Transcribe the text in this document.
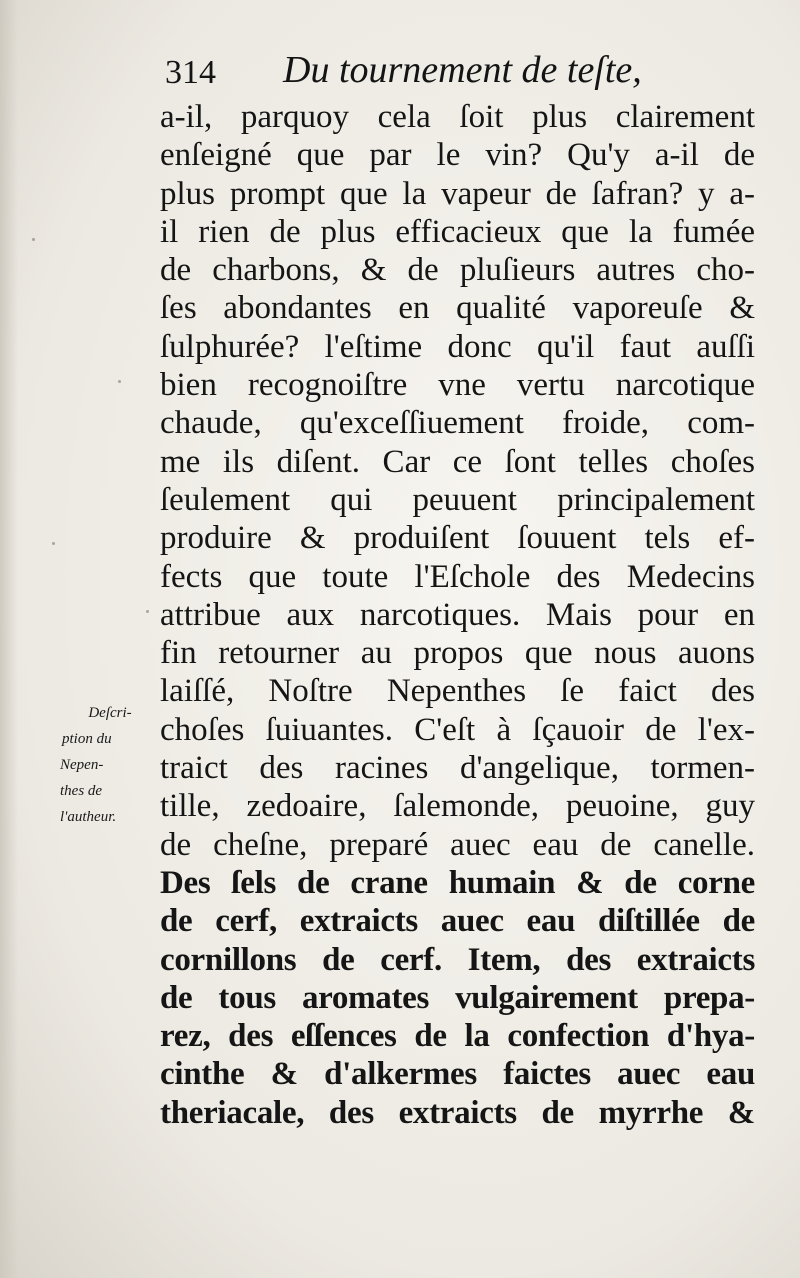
314 Du tournement de teſte,
a-il, parquoy cela ſoit plus clairement
enſeigné que par le vin? Qu'y a-il de
plus prompt que la vapeur de ſafran? y a-
il rien de plus efficacieux que la fumée
de charbons, & de pluſieurs autres cho-
ſes abondantes en qualité vaporeuſe &
ſulphurée? l'eſtime donc qu'il faut auſſi
bien recognoiſtre vne vertu narcotique
chaude, qu'exceſſiuement froide, com-
me ils diſent. Car ce ſont telles choſes
ſeulement qui peuuent principalement
produire & produiſent ſouuent tels ef-
fects que toute l'Eſchole des Medecins
attribue aux narcotiques. Mais pour en
fin retourner au propos que nous auons
laiſſé, Noſtre Nepenthes ſe faict des
choſes ſuiuantes. C'eſt à ſçauoir de l'ex-
traict des racines d'angelique, tormen-
tille, zedoaire, ſalemonde, peuoine, guy
de cheſne, preparé auec eau de canelle.
Des ſels de crane humain & de corne
de cerf, extraicts auec eau diſtillée de
cornillons de cerf. Item, des extraicts
de tous aromates vulgairement prepa-
rez, des eſſences de la confection d'hya-
cinthe & d'alkermes faictes auec eau
theriacale, des extraicts de myrrhe &
Deſcri-
ption du
Nepen-
thes de
l'autheur.
